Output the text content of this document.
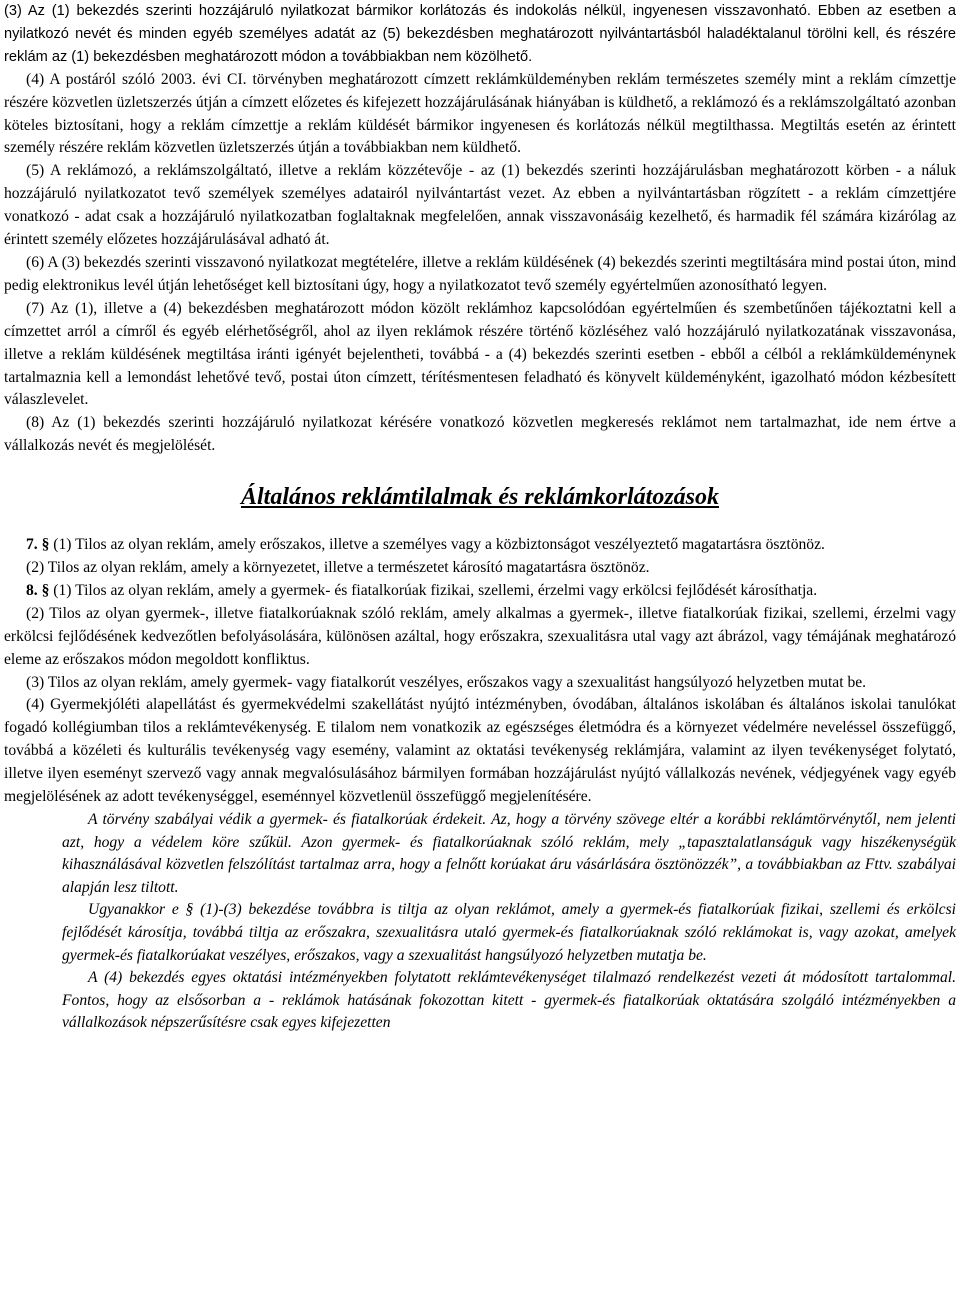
(3) Az (1) bekezdés szerinti hozzájáruló nyilatkozat bármikor korlátozás és indokolás nélkül, ingyenesen visszavonható. Ebben az esetben a nyilatkozó nevét és minden egyéb személyes adatát az (5) bekezdésben meghatározott nyilvántartásból haladéktalanul törölni kell, és részére reklám az (1) bekezdésben meghatározott módon a továbbiakban nem közölhető.

(4) A postáról szóló 2003. évi CI. törvényben meghatározott címzett reklámküldeményben reklám természetes személy mint a reklám címzettje részére közvetlen üzletszerzés útján a címzett előzetes és kifejezett hozzájárulásának hiányában is küldhető, a reklámozó és a reklámszolgáltató azonban köteles biztosítani, hogy a reklám címzettje a reklám küldését bármikor ingyenesen és korlátozás nélkül megtilthassa. Megtiltás esetén az érintett személy részére reklám közvetlen üzletszerzés útján a továbbiakban nem küldhető.

(5) A reklámozó, a reklámszolgáltató, illetve a reklám közzétevője - az (1) bekezdés szerinti hozzájárulásban meghatározott körben - a náluk hozzájáruló nyilatkozatot tevő személyek személyes adatairól nyilvántartást vezet. Az ebben a nyilvántartásban rögzített - a reklám címzettjére vonatkozó - adat csak a hozzájáruló nyilatkozatban foglaltaknak megfelelően, annak visszavonásáig kezelhető, és harmadik fél számára kizárólag az érintett személy előzetes hozzájárulásával adható át.

(6) A (3) bekezdés szerinti visszavonó nyilatkozat megtételére, illetve a reklám küldésének (4) bekezdés szerinti megtiltására mind postai úton, mind pedig elektronikus levél útján lehetőséget kell biztosítani úgy, hogy a nyilatkozatot tevő személy egyértelműen azonosítható legyen.

(7) Az (1), illetve a (4) bekezdésben meghatározott módon közölt reklámhoz kapcsolódóan egyértelműen és szembetűnően tájékoztatni kell a címzettet arról a címről és egyéb elérhetőségről, ahol az ilyen reklámok részére történő közléséhez való hozzájáruló nyilatkozatának visszavonása, illetve a reklám küldésének megtiltása iránti igényét bejelentheti, továbbá - a (4) bekezdés szerinti esetben - ebből a célból a reklámküldeménynek tartalmaznia kell a lemondást lehetővé tevő, postai úton címzett, térítésmentesen feladható és könyvelt küldeményként, igazolható módon kézbesített válaszlevelet.

(8) Az (1) bekezdés szerinti hozzájáruló nyilatkozat kérésére vonatkozó közvetlen megkeresés reklámot nem tartalmazhat, ide nem értve a vállalkozás nevét és megjelölését.

Általános reklámtilalmak és reklámkorlátozások

7. § (1) Tilos az olyan reklám, amely erőszakos, illetve a személyes vagy a közbiztonságot veszélyeztető magatartásra ösztönöz.

(2) Tilos az olyan reklám, amely a környezetet, illetve a természetet károsító magatartásra ösztönöz.

8. § (1) Tilos az olyan reklám, amely a gyermek- és fiatalkorúak fizikai, szellemi, érzelmi vagy erkölcsi fejlődését károsíthatja.

(2) Tilos az olyan gyermek-, illetve fiatalkorúaknak szóló reklám, amely alkalmas a gyermek-, illetve fiatalkorúak fizikai, szellemi, érzelmi vagy erkölcsi fejlődésének kedvezőtlen befolyásolására, különösen azáltal, hogy erőszakra, szexualitásra utal vagy azt ábrázol, vagy témájának meghatározó eleme az erőszakos módon megoldott konfliktus.

(3) Tilos az olyan reklám, amely gyermek- vagy fiatalkorút veszélyes, erőszakos vagy a szexualitást hangsúlyozó helyzetben mutat be.

(4) Gyermekjóléti alapellátást és gyermekvédelmi szakellátást nyújtó intézményben, óvodában, általános iskolában és általános iskolai tanulókat fogadó kollégiumban tilos a reklámtevékenység. E tilalom nem vonatkozik az egészséges életmódra és a környezet védelmére neveléssel összefüggő, továbbá a közéleti és kulturális tevékenység vagy esemény, valamint az oktatási tevékenység reklámjára, valamint az ilyen tevékenységet folytató, illetve ilyen eseményt szervező vagy annak megvalósulásához bármilyen formában hozzájárulást nyújtó vállalkozás nevének, védjegyének vagy egyéb megjelölésének az adott tevékenységgel, eseménnyel közvetlenül összefüggő megjelenítésére.

A törvény szabályai védik a gyermek- és fiatalkorúak érdekeit. Az, hogy a törvény szövege eltér a korábbi reklámtörvénytől, nem jelenti azt, hogy a védelem köre szűkül. Azon gyermek- és fiatalkorúaknak szóló reklám, mely „tapasztalatlanságuk vagy hiszékenységük kihasználásával közvetlen felszólítást tartalmaz arra, hogy a felnőtt korúakat áru vásárlására ösztönözzék”, a továbbiakban az Fttv. szabályai alapján lesz tiltott.

Ugyanakkor e § (1)-(3) bekezdése továbbra is tiltja az olyan reklámot, amely a gyermek-és fiatalkorúak fizikai, szellemi és erkölcsi fejlődését károsítja, továbbá tiltja az erőszakra, szexualitásra utaló gyermek-és fiatalkorúaknak szóló reklámokat is, vagy azokat, amelyek gyermek-és fiatalkorúakat veszélyes, erőszakos, vagy a szexualitást hangsúlyozó helyzetben mutatja be.

A (4) bekezdés egyes oktatási intézményekben folytatott reklámtevékenységet tilalmazó rendelkezést vezeti át módosított tartalommal. Fontos, hogy az elsősorban a - reklámok hatásának fokozottan kitett - gyermek-és fiatalkorúak oktatására szolgáló intézményekben a vállalkozások népszerűsítésre csak egyes kifejezetten
